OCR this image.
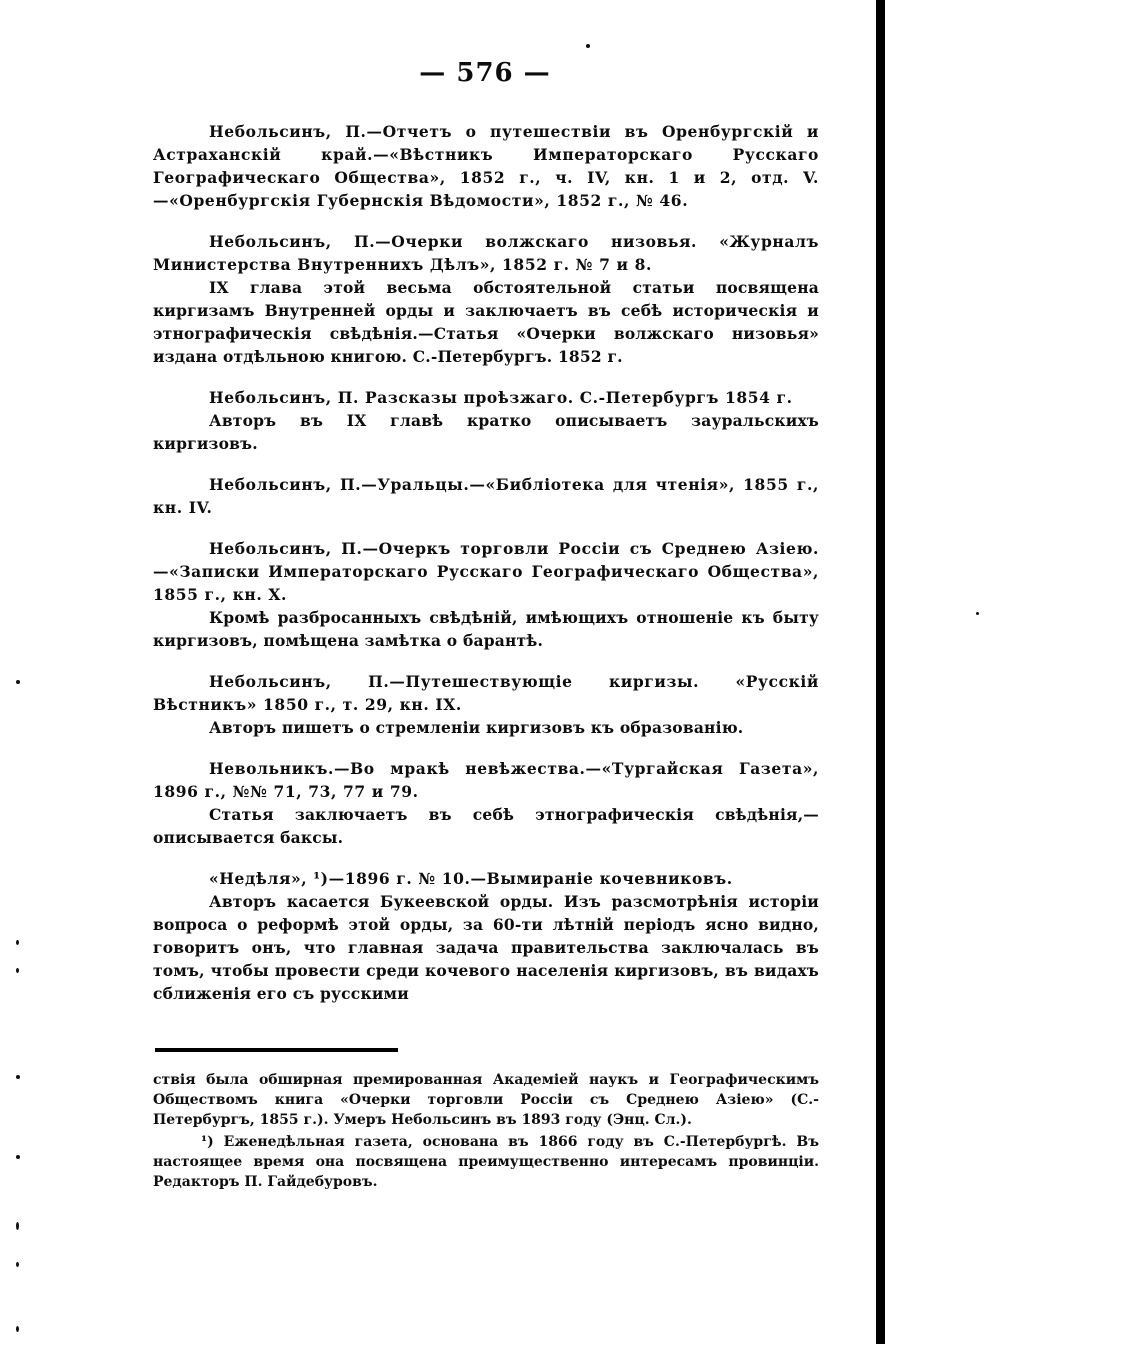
— 576 —

Небольсинъ, П.—Отчетъ о путешествіи въ Оренбургскій и Астраханскій край.—«Вѣстникъ Императорскаго Русскаго Географическаго Общества», 1852 г., ч. IV, кн. 1 и 2, отд. V.—«Оренбургскія Губернскія Вѣдомости», 1852 г., № 46.

Небольсинъ, П.—Очерки волжскаго низовья. «Журналъ Министерства Внутреннихъ Дѣлъ», 1852 г. № 7 и 8.

IX глава этой весьма обстоятельной статьи посвящена киргизамъ Внутренней орды и заключаетъ въ себѣ историческія и этнографическія свѣдѣнія.—Статья «Очерки волжскаго низовья» издана отдѣльною книгою. С.-Петербургъ. 1852 г.

Небольсинъ, П. Разсказы проѣзжаго. С.-Петербургъ 1854 г.

Авторъ въ IX главѣ кратко описываетъ зауральскихъ киргизовъ.

Небольсинъ, П.—Уральцы.—«Библіотека для чтенія», 1855 г., кн. IV.

Небольсинъ, П.—Очеркъ торговли Россіи съ Среднею Азіею.—«Записки Императорскаго Русскаго Географическаго Общества», 1855 г., кн. X.

Кромѣ разбросанныхъ свѣдѣній, имѣющихъ отношеніе къ быту киргизовъ, помѣщена замѣтка о барантѣ.

Небольсинъ, П.—Путешествующіе киргизы. «Русскій Вѣстникъ» 1850 г., т. 29, кн. IX.

Авторъ пишетъ о стремленіи киргизовъ къ образованію.

Невольникъ.—Во мракѣ невѣжества.—«Тургайская Газета», 1896 г., №№ 71, 73, 77 и 79.

Статья заключаетъ въ себѣ этнографическія свѣдѣнія,—описывается баксы.

«Недѣля», ¹)—1896 г. № 10.—Вымираніе кочевниковъ.

Авторъ касается Букеевской орды. Изъ разсмотрѣнія исторіи вопроса о реформѣ этой орды, за 60-ти лѣтній періодъ ясно видно, говоритъ онъ, что главная задача правительства заключалась въ томъ, чтобы провести среди кочевого населенія киргизовъ, въ видахъ сближенія его съ русскими

ствія была обширная премированная Академіей наукъ и Географическимъ Обществомъ книга «Очерки торговли Россіи съ Среднею Азіею» (С.-Петербургъ, 1855 г.). Умеръ Небольсинъ въ 1893 году (Энц. Сл.).

¹) Еженедѣльная газета, основана въ 1866 году въ С.-Петербургѣ. Въ настоящее время она посвящена преимущественно интересамъ провинціи. Редакторъ П. Гайдебуровъ.
